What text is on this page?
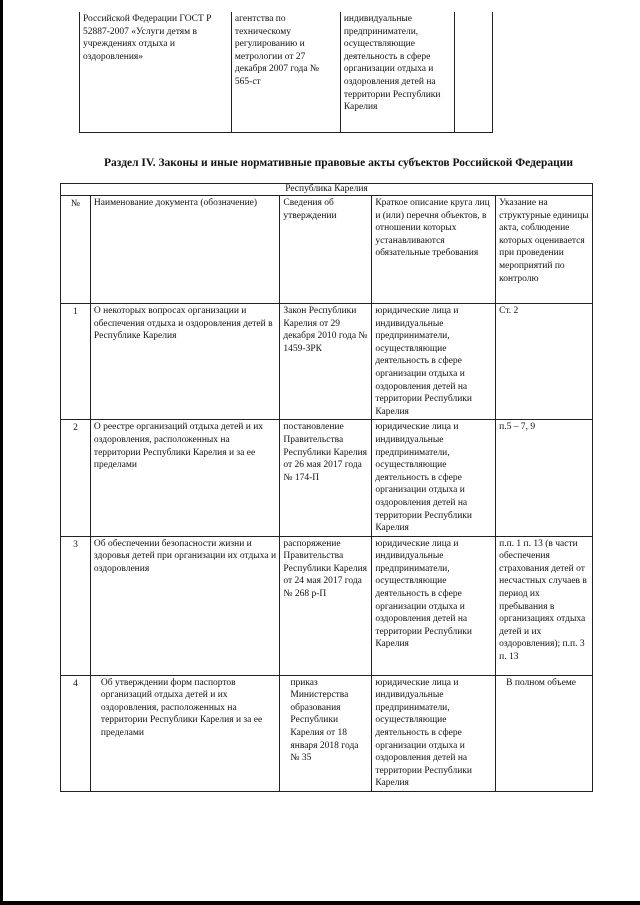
Российской Федерации ГОСТ Р 52887-2007 «Услуги детям в учреждениях отдыха и оздоровления»	агентства по техническому регулированию и метрологии от 27 декабря 2007 года № 565-ст	индивидуальные предприниматели, осуществляющие деятельность в сфере организации отдыха и оздоровления детей на территории Республики Карелия	
Раздел IV. Законы и иные нормативные правовые акты субъектов Российской Федерации
Республика Карелия				
№	Наименование документа (обозначение)	Сведения об утверждении	Краткое описание круга лиц и (или) перечня объектов, в отношении которых устанавливаются обязательные требования	Указание на структурные единицы акта, соблюдение которых оценивается при проведении мероприятий по контролю
1	О некоторых вопросах организации и обеспечения отдыха и оздоровления детей в Республике Карелия	Закон Республики Карелия от 29 декабря 2010 года № 1459-ЗРК	юридические лица и индивидуальные предприниматели, осуществляющие деятельность в сфере организации отдыха и оздоровления детей на территории Республики Карелия	Ст. 2
2	О реестре организаций отдыха детей и их оздоровления, расположенных на территории Республики Карелия и за ее пределами	постановление Правительства Республики Карелия от 26 мая 2017 года № 174-П	юридические лица и индивидуальные предприниматели, осуществляющие деятельность в сфере организации отдыха и оздоровления детей на территории Республики Карелия	п.5 – 7, 9
3	Об обеспечении безопасности жизни и здоровья детей при организации их отдыха и оздоровления	распоряжение Правительства Республики Карелия от 24 мая 2017 года № 268 р-П	юридические лица и индивидуальные предприниматели, осуществляющие деятельность в сфере организации отдыха и оздоровления детей на территории Республики Карелия	п.п. 1 п. 13 (в части обеспечения страхования детей от несчастных случаев в период их пребывания в организациях отдыха детей и их оздоровления); п.п. 3 п. 13
4	Об утверждении форм паспортов организаций отдыха детей и их оздоровления, расположенных на территории Республики Карелия и за ее пределами	приказ Министерства образования Республики Карелия от 18 января 2018 года № 35	юридические лица и индивидуальные предприниматели, осуществляющие деятельность в сфере организации отдыха и оздоровления детей на территории Республики Карелия	В полном объеме
